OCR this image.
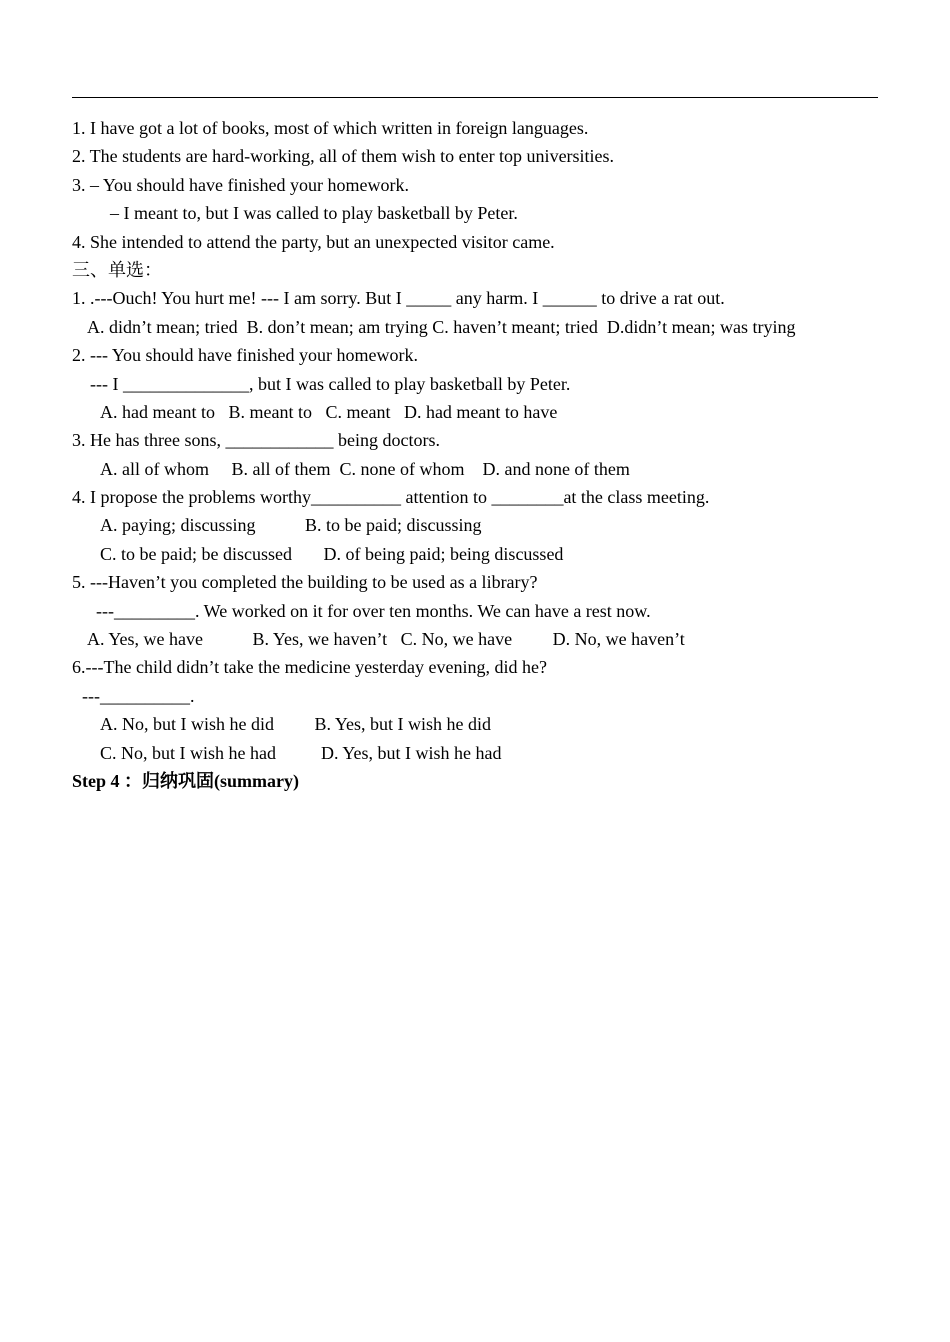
1. I have got a lot of books, most of which written in foreign languages.
2. The students are hard-working, all of them wish to enter top universities.
3. – You should have finished your homework.
– I meant to, but I was called to play basketball by Peter.
4. She intended to attend the party, but an unexpected visitor came.
三、单选：
1. .---Ouch! You hurt me! --- I am sorry. But I _____ any harm. I ______ to drive a rat out.
A. didn’t mean; tried  B. don’t mean; am trying C. haven’t meant; tried  D.didn’t mean; was trying
2. --- You should have finished your homework.
--- I ______________, but I was called to play basketball by Peter.
A. had meant to   B. meant to   C. meant   D. had meant to have
3. He has three sons, ____________ being doctors.
A. all of whom     B. all of them  C. none of whom    D. and none of them
4. I propose the problems worthy__________ attention to ________at the class meeting.
A. paying; discussing           B. to be paid; discussing
C. to be paid; be discussed       D. of being paid; being discussed
5. ---Haven’t you completed the building to be used as a library?
---_________. We worked on it for over ten months. We can have a rest now.
A. Yes, we have           B. Yes, we haven’t   C. No, we have         D. No, we haven’t
6.---The child didn’t take the medicine yesterday evening, did he?
---__________.
A. No, but I wish he did         B. Yes, but I wish he did
C. No, but I wish he had          D. Yes, but I wish he had
Step 4 ：归纳巩固(summary)
